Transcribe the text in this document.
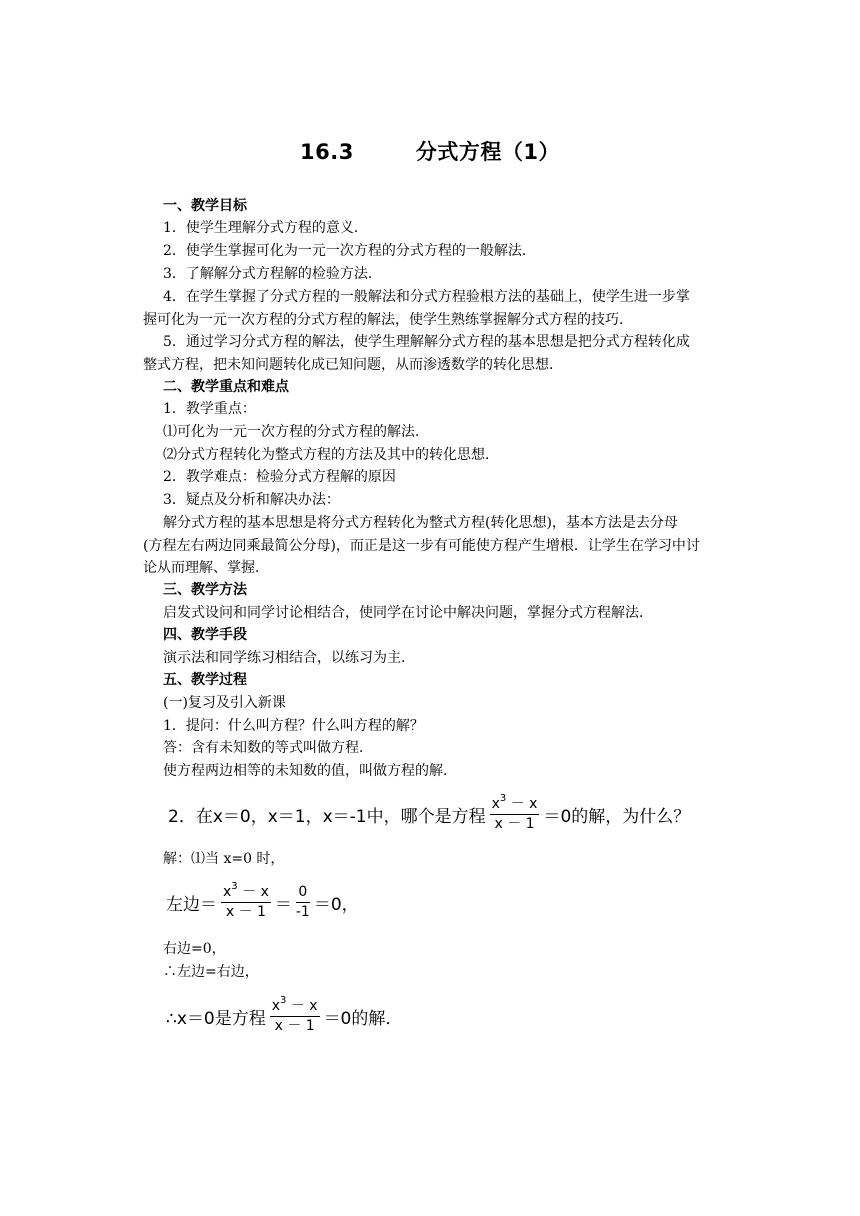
16.3	分式方程（1）
一、教学目标
1．使学生理解分式方程的意义．
2．使学生掌握可化为一元一次方程的分式方程的一般解法．
3．了解解分式方程解的检验方法．
4．在学生掌握了分式方程的一般解法和分式方程验根方法的基础上，使学生进一步掌
握可化为一元一次方程的分式方程的解法，使学生熟练掌握解分式方程的技巧．
5．通过学习分式方程的解法，使学生理解解分式方程的基本思想是把分式方程转化成
整式方程，把未知问题转化成已知问题，从而渗透数学的转化思想．
二、教学重点和难点
1．教学重点：
⑴可化为一元一次方程的分式方程的解法．
⑵分式方程转化为整式方程的方法及其中的转化思想．
2．教学难点：检验分式方程解的原因
3．疑点及分析和解决办法：
解分式方程的基本思想是将分式方程转化为整式方程(转化思想)，基本方法是去分母
(方程左右两边同乘最简公分母)，而正是这一步有可能使方程产生增根．让学生在学习中讨
论从而理解、掌握．
三、教学方法
启发式设问和同学讨论相结合，使同学在讨论中解决问题，掌握分式方程解法．
四、教学手段
演示法和同学练习相结合，以练习为主．
五、教学过程
(一)复习及引入新课
1．提问：什么叫方程？什么叫方程的解？
答：含有未知数的等式叫做方程．
使方程两边相等的未知数的值，叫做方程的解．
2．在x＝0，x＝1，x＝-1中，哪个是方程 $\frac{x^3 - x}{x - 1} =0$的解，为什么？
解：⑴当 x=0 时，
左边＝ $\frac{x^3 - x}{x - 1} = \frac{0}{-1} =0$，
右边=0，
∴左边=右边，
∴x＝0是方程 $\frac{x^3 - x}{x - 1} =0$的解．
